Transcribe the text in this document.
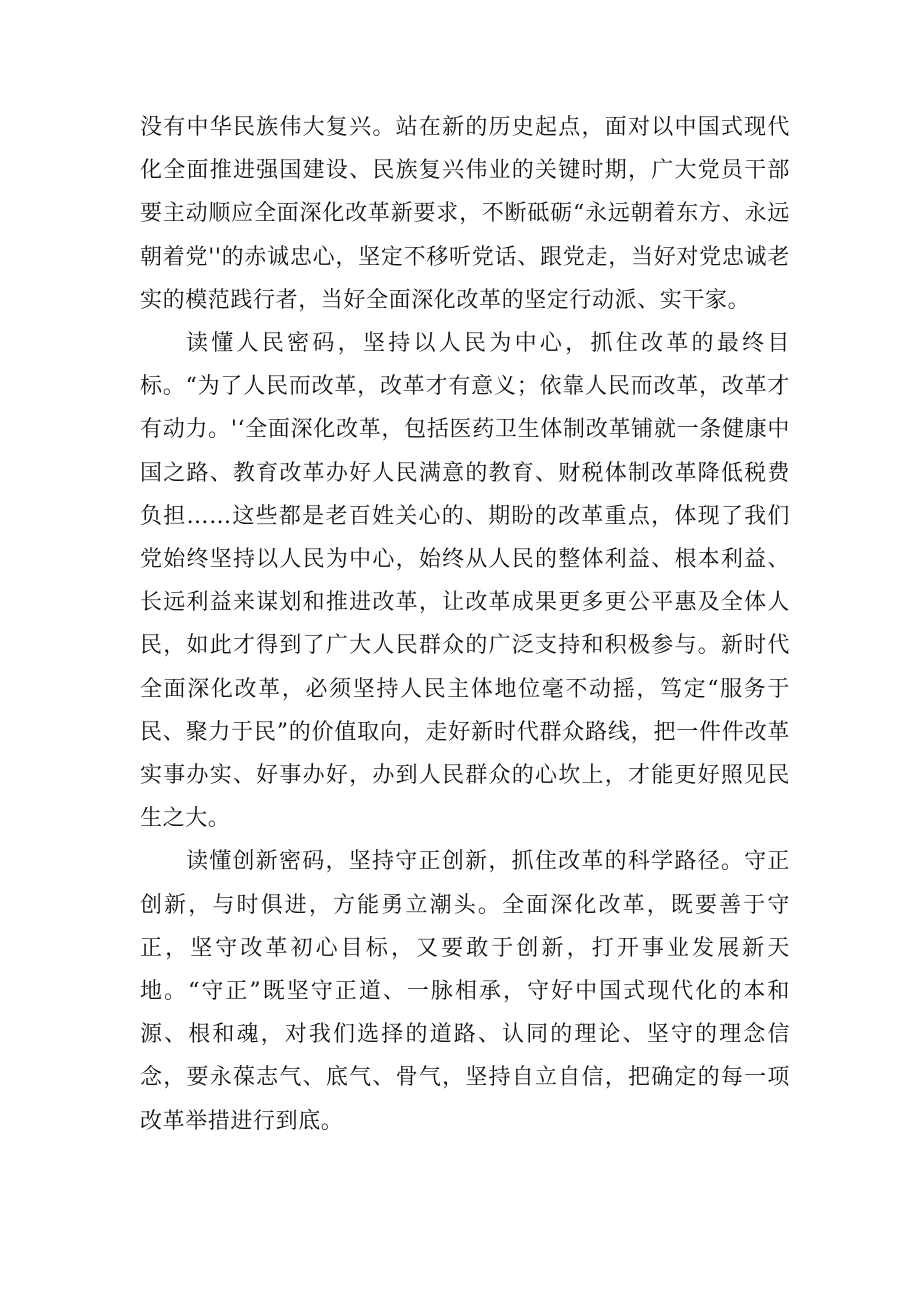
没有中华民族伟大复兴。站在新的历史起点，面对以中国式现代化全面推进强国建设、民族复兴伟业的关键时期，广大党员干部要主动顺应全面深化改革新要求，不断砥砺“永远朝着东方、永远朝着党''的赤诚忠心，坚定不移听党话、跟党走，当好对党忠诚老实的模范践行者，当好全面深化改革的坚定行动派、实干家。

读懂人民密码，坚持以人民为中心，抓住改革的最终目标。“为了人民而改革，改革才有意义；依靠人民而改革，改革才有动力。'‘全面深化改革，包括医药卫生体制改革铺就一条健康中国之路、教育改革办好人民满意的教育、财税体制改革降低税费负担……这些都是老百姓关心的、期盼的改革重点，体现了我们党始终坚持以人民为中心，始终从人民的整体利益、根本利益、长远利益来谋划和推进改革，让改革成果更多更公平惠及全体人民，如此才得到了广大人民群众的广泛支持和积极参与。新时代全面深化改革，必须坚持人民主体地位毫不动摇，笃定“服务于民、聚力于民”的价值取向，走好新时代群众路线，把一件件改革实事办实、好事办好，办到人民群众的心坎上，才能更好照见民生之大。

读懂创新密码，坚持守正创新，抓住改革的科学路径。守正创新，与时俱进，方能勇立潮头。全面深化改革，既要善于守正，坚守改革初心目标，又要敢于创新，打开事业发展新天地。“守正”既坚守正道、一脉相承，守好中国式现代化的本和源、根和魂，对我们选择的道路、认同的理论、坚守的理念信念，要永葆志气、底气、骨气，坚持自立自信，把确定的每一项改革举措进行到底。
